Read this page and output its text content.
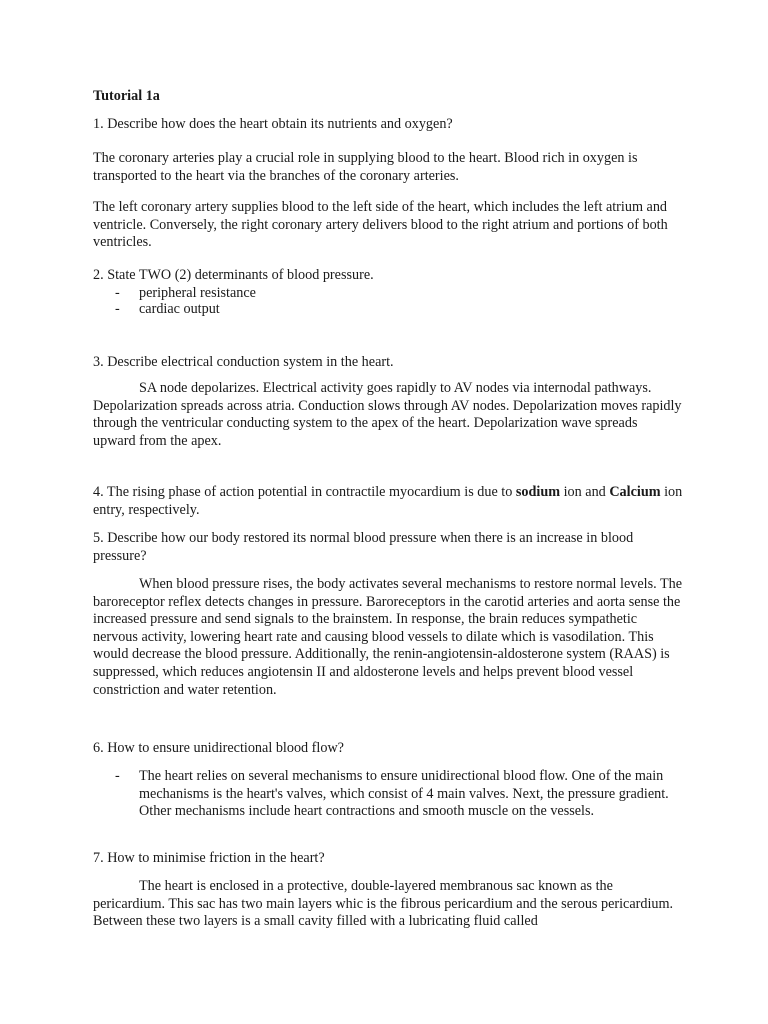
Tutorial 1a

1. Describe how does the heart obtain its nutrients and oxygen?

The coronary arteries play a crucial role in supplying blood to the heart. Blood rich in oxygen is transported to the heart via the branches of the coronary arteries.

The left coronary artery supplies blood to the left side of the heart, which includes the left atrium and ventricle. Conversely, the right coronary artery delivers blood to the right atrium and portions of both ventricles.

2. State TWO (2) determinants of blood pressure.

- peripheral resistance

- cardiac output

3. Describe electrical conduction system in the heart.

SA node depolarizes. Electrical activity goes rapidly to AV nodes via internodal pathways. Depolarization spreads across atria. Conduction slows through AV nodes. Depolarization moves rapidly through the ventricular conducting system to the apex of the heart. Depolarization wave spreads upward from the apex.

4. The rising phase of action potential in contractile myocardium is due to sodium ion and Calcium ion entry, respectively.

5. Describe how our body restored its normal blood pressure when there is an increase in blood pressure?

When blood pressure rises, the body activates several mechanisms to restore normal levels. The baroreceptor reflex detects changes in pressure. Baroreceptors in the carotid arteries and aorta sense the increased pressure and send signals to the brainstem. In response, the brain reduces sympathetic nervous activity, lowering heart rate and causing blood vessels to dilate which is vasodilation. This would decrease the blood pressure. Additionally, the renin-angiotensin-aldosterone system (RAAS) is suppressed, which reduces angiotensin II and aldosterone levels and helps prevent blood vessel constriction and water retention.

6. How to ensure unidirectional blood flow?

- The heart relies on several mechanisms to ensure unidirectional blood flow. One of the main mechanisms is the heart's valves, which consist of 4 main valves. Next, the pressure gradient. Other mechanisms include heart contractions and smooth muscle on the vessels.

7. How to minimise friction in the heart?

The heart is enclosed in a protective, double-layered membranous sac known as the pericardium. This sac has two main layers whic is the fibrous pericardium and the serous pericardium. Between these two layers is a small cavity filled with a lubricating fluid called
